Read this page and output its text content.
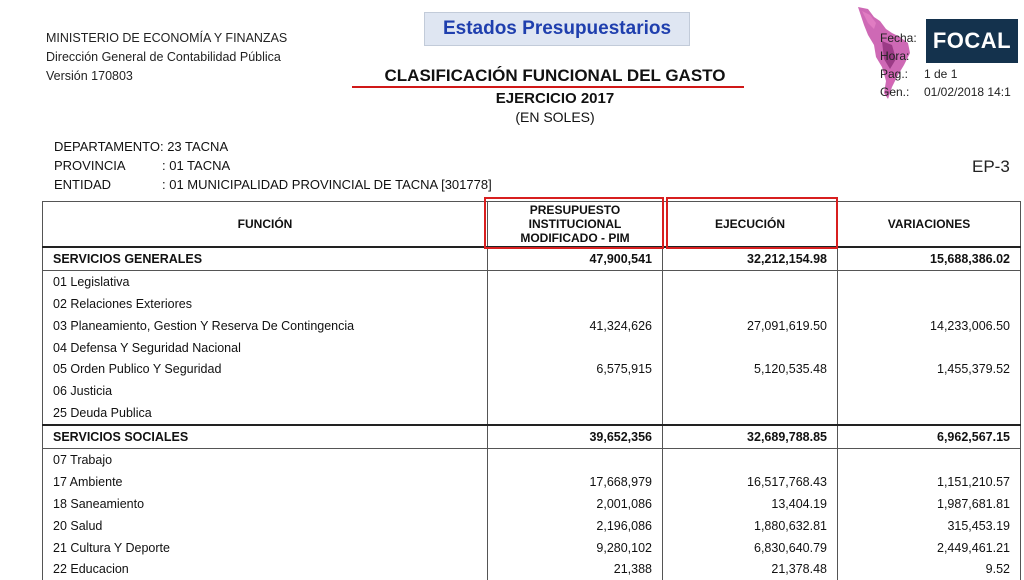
MINISTERIO DE ECONOMÍA Y FINANZAS
Dirección General de Contabilidad Pública
Versión 170803
Estados Presupuestarios
CLASIFICACIÓN FUNCIONAL DEL GASTO
EJERCICIO 2017
(EN SOLES)
Fecha:
Hora:
Pag.: 1 de 1
Gen.: 01/02/2018 14:1
FOCAL
DEPARTAMENTO: 23 TACNA
PROVINCIA	: 01 TACNA
ENTIDAD	: 01 MUNICIPALIDAD PROVINCIAL DE TACNA [301778]
EP-3
FUNCIÓN	PRESUPUESTO
INSTITUCIONAL
MODIFICADO - PIM	EJECUCIÓN	VARIACIONES
SERVICIOS GENERALES	47,900,541	32,212,154.98	15,688,386.02
01 Legislativa			
02 Relaciones Exteriores			
03 Planeamiento, Gestion Y Reserva De Contingencia	41,324,626	27,091,619.50	14,233,006.50
04 Defensa Y Seguridad Nacional			
05 Orden Publico Y Seguridad	6,575,915	5,120,535.48	1,455,379.52
06 Justicia			
25 Deuda Publica			
SERVICIOS SOCIALES	39,652,356	32,689,788.85	6,962,567.15
07 Trabajo			
17 Ambiente	17,668,979	16,517,768.43	1,151,210.57
18 Saneamiento	2,001,086	13,404.19	1,987,681.81
20 Salud	2,196,086	1,880,632.81	315,453.19
21 Cultura Y Deporte	9,280,102	6,830,640.79	2,449,461.21
22 Educacion	21,388	21,378.48	9.52
